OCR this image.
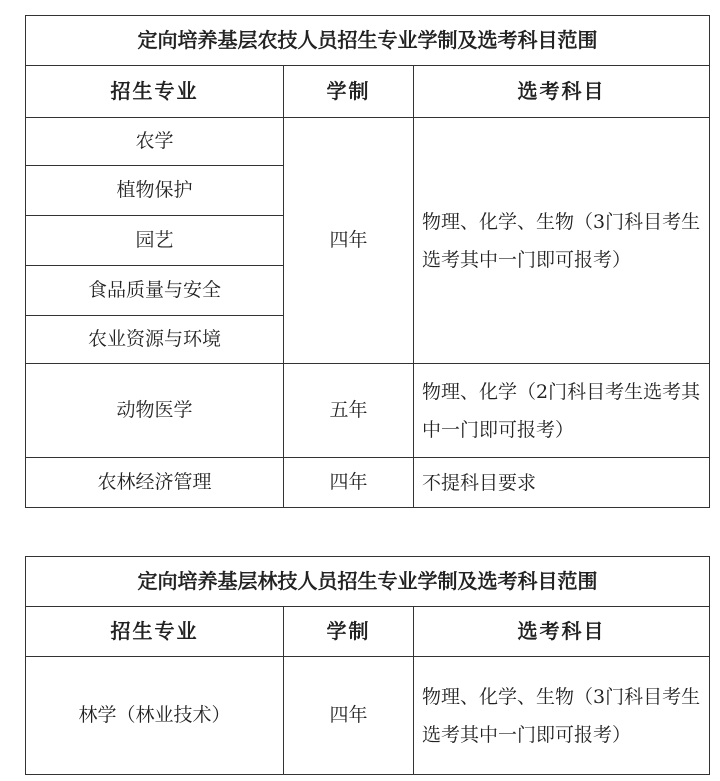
定向培养基层农技人员招生专业学制及选考科目范围		
招生专业	学制	选考科目
农学	四年	物理、化学、生物（3门科目考生选考其中一门即可报考）
植物保护		
园艺		
食品质量与安全		
农业资源与环境		
动物医学	五年	物理、化学（2门科目考生选考其中一门即可报考）
农林经济管理	四年	不提科目要求
定向培养基层林技人员招生专业学制及选考科目范围		
招生专业	学制	选考科目
林学（林业技术）	四年	物理、化学、生物（3门科目考生选考其中一门即可报考）
